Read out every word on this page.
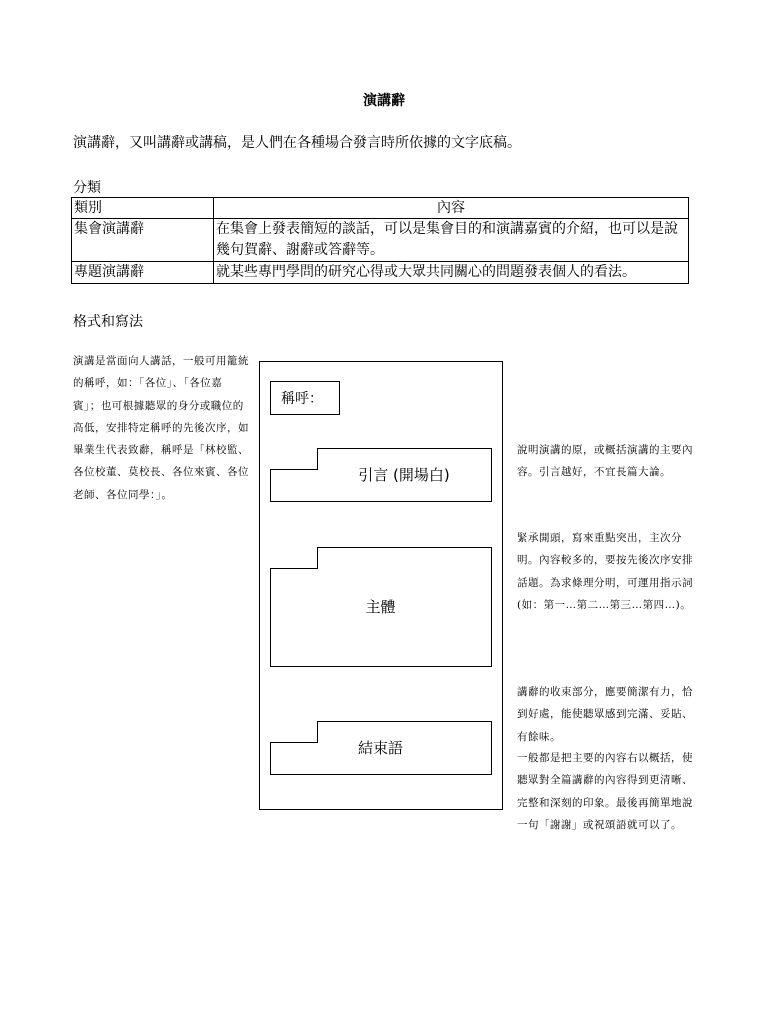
演講辭
演講辭，又叫講辭或講稿，是人們在各種場合發言時所依據的文字底稿。
分類
類別	內容
集會演講辭	在集會上發表簡短的談話，可以是集會目的和演講嘉賓的介紹，也可以是說幾句賀辭、謝辭或答辭等。
專題演講辭	就某些專門學問的研究心得或大眾共同關心的問題發表個人的看法。
格式和寫法
演講是當面向人講話，一般可用籠統的稱呼，如：「各位」、「各位嘉賓」；也可根據聽眾的身分或職位的高低，安排特定稱呼的先後次序，如畢業生代表致辭，稱呼是「林校監、各位校董、莫校長、各位來賓、各位老師、各位同學：」。
稱呼：
引言 (開場白)
主體
結束語
說明演講的原，或概括演講的主要內容。引言越好，不宜長篇大論。
緊承開頭，寫來重點突出，主次分明。內容較多的，要按先後次序安排話題。為求條理分明，可運用指示詞 (如：第一…第二…第三…第四…)。
講辭的收束部分，應要簡潔有力，恰到好處，能使聽眾感到完滿、妥貼、有餘味。
一般都是把主要的內容右以概括，使聽眾對全篇講辭的內容得到更清晰、完整和深刻的印象。最後再簡單地說一句「謝謝」或祝頌語就可以了。
